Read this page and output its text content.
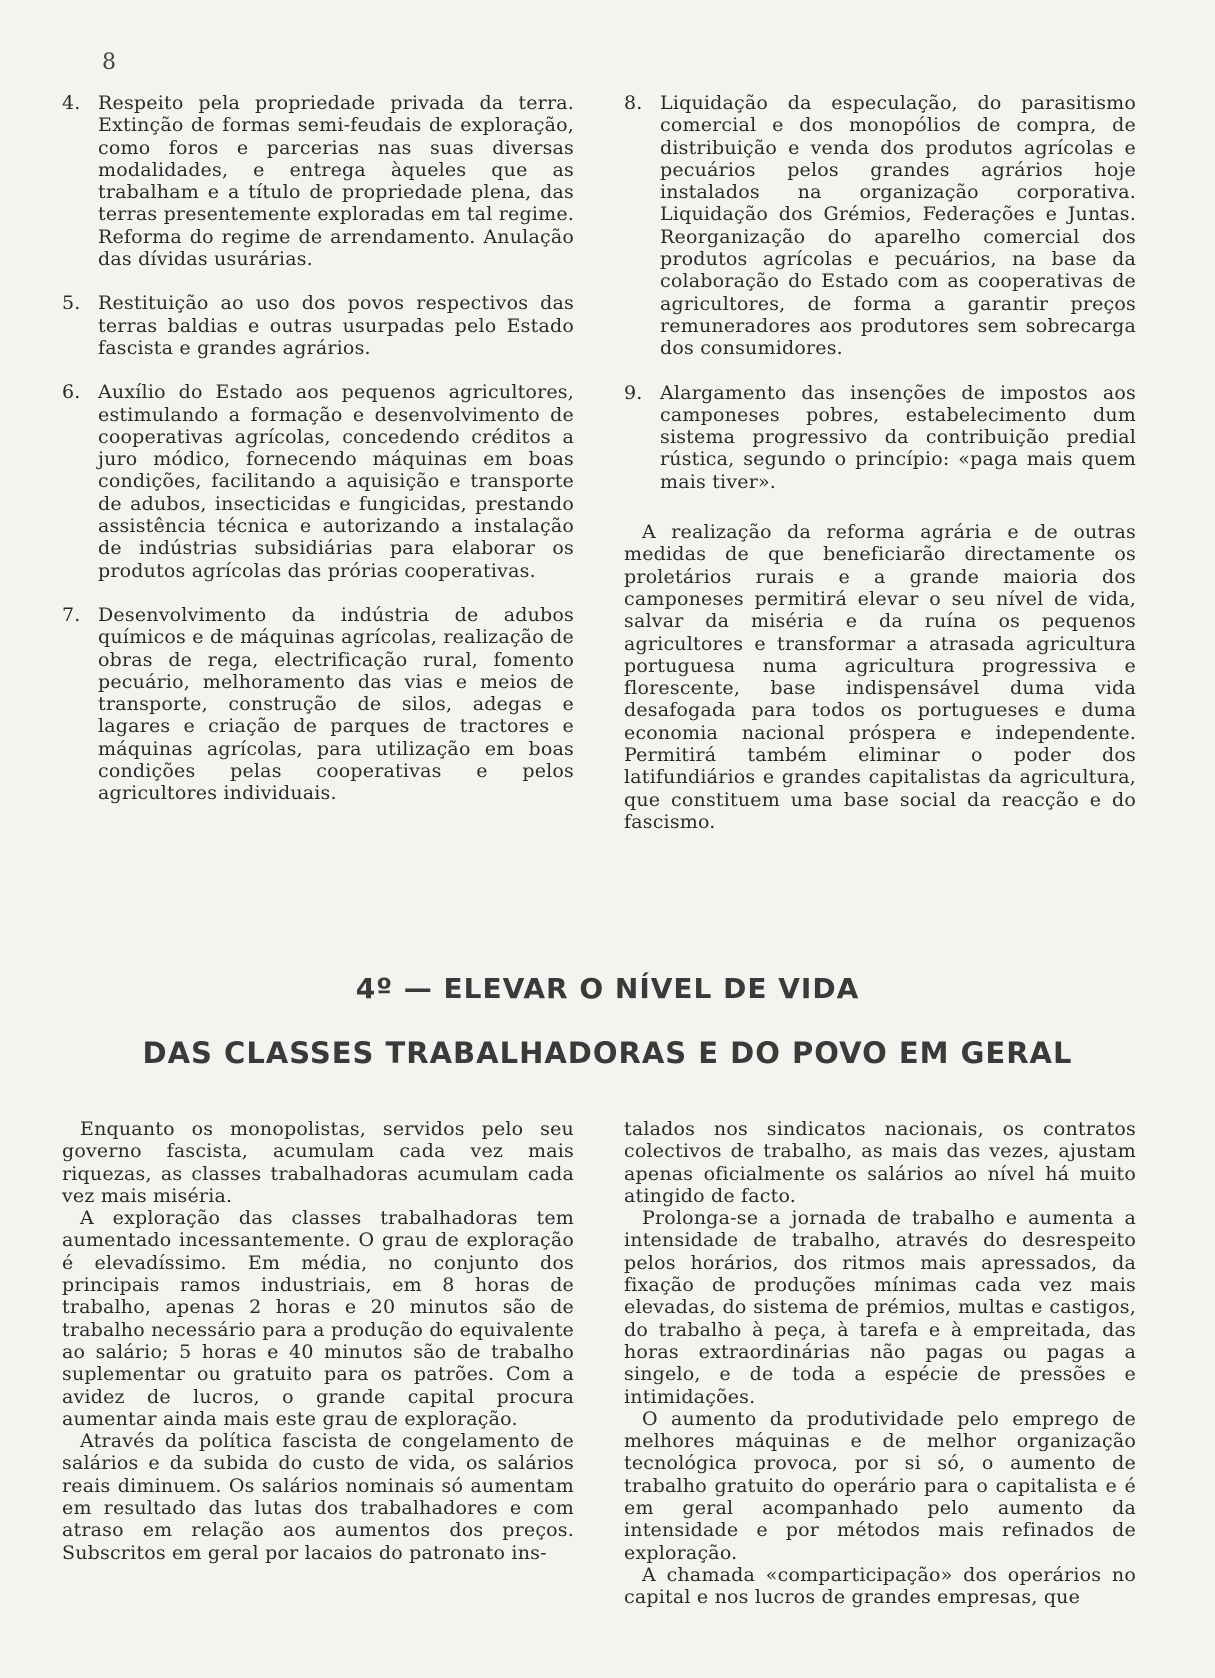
8
4. Respeito pela propriedade privada da terra. Extinção de formas semi-feudais de exploração, como foros e parcerias nas suas diversas modalidades, e entrega àqueles que as trabalham e a título de propriedade plena, das terras presentemente exploradas em tal regime. Reforma do regime de arrendamento. Anulação das dívidas usurárias.
5. Restituição ao uso dos povos respectivos das terras baldias e outras usurpadas pelo Estado fascista e grandes agrários.
6. Auxílio do Estado aos pequenos agricultores, estimulando a formação e desenvolvimento de cooperativas agrícolas, concedendo créditos a juro módico, fornecendo máquinas em boas condições, facilitando a aquisição e transporte de adubos, insecticidas e fungicidas, prestando assistência técnica e autorizando a instalação de indústrias subsidiárias para elaborar os produtos agrícolas das prórias cooperativas.
7. Desenvolvimento da indústria de adubos químicos e de máquinas agrícolas, realização de obras de rega, electrificação rural, fomento pecuário, melhoramento das vias e meios de transporte, construção de silos, adegas e lagares e criação de parques de tractores e máquinas agrícolas, para utilização em boas condições pelas cooperativas e pelos agricultores individuais.
8. Liquidação da especulação, do parasitismo comercial e dos monopólios de compra, de distribuição e venda dos produtos agrícolas e pecuários pelos grandes agrários hoje instalados na organização corporativa. Liquidação dos Grémios, Federações e Juntas. Reorganização do aparelho comercial dos produtos agrícolas e pecuários, na base da colaboração do Estado com as cooperativas de agricultores, de forma a garantir preços remuneradores aos produtores sem sobrecarga dos consumidores.
9. Alargamento das insenções de impostos aos camponeses pobres, estabelecimento dum sistema progressivo da contribuição predial rústica, segundo o princípio: «paga mais quem mais tiver».

A realização da reforma agrária e de outras medidas de que beneficiarão directamente os proletários rurais e a grande maioria dos camponeses permitirá elevar o seu nível de vida, salvar da miséria e da ruína os pequenos agricultores e transformar a atrasada agricultura portuguesa numa agricultura progressiva e florescente, base indispensável duma vida desafogada para todos os portugueses e duma economia nacional próspera e independente. Permitirá também eliminar o poder dos latifundiários e grandes capitalistas da agricultura, que constituem uma base social da reacção e do fascismo.

4º — ELEVAR O NÍVEL DE VIDA
DAS CLASSES TRABALHADORAS E DO POVO EM GERAL

Enquanto os monopolistas, servidos pelo seu governo fascista, acumulam cada vez mais riquezas, as classes trabalhadoras acumulam cada vez mais miséria.

A exploração das classes trabalhadoras tem aumentado incessantemente. O grau de exploração é elevadíssimo. Em média, no conjunto dos principais ramos industriais, em 8 horas de trabalho, apenas 2 horas e 20 minutos são de trabalho necessário para a produção do equivalente ao salário; 5 horas e 40 minutos são de trabalho suplementar ou gratuito para os patrões. Com a avidez de lucros, o grande capital procura aumentar ainda mais este grau de exploração.

Através da política fascista de congelamento de salários e da subida do custo de vida, os salários reais diminuem. Os salários nominais só aumentam em resultado das lutas dos trabalhadores e com atraso em relação aos aumentos dos preços. Subscritos em geral por lacaios do patronato ins-

talados nos sindicatos nacionais, os contratos colectivos de trabalho, as mais das vezes, ajustam apenas oficialmente os salários ao nível há muito atingido de facto.

Prolonga-se a jornada de trabalho e aumenta a intensidade de trabalho, através do desrespeito pelos horários, dos ritmos mais apressados, da fixação de produções mínimas cada vez mais elevadas, do sistema de prémios, multas e castigos, do trabalho à peça, à tarefa e à empreitada, das horas extraordinárias não pagas ou pagas a singelo, e de toda a espécie de pressões e intimidações.

O aumento da produtividade pelo emprego de melhores máquinas e de melhor organização tecnológica provoca, por si só, o aumento de trabalho gratuito do operário para o capitalista e é em geral acompanhado pelo aumento da intensidade e por métodos mais refinados de exploração.

A chamada «comparticipação» dos operários no capital e nos lucros de grandes empresas, que
